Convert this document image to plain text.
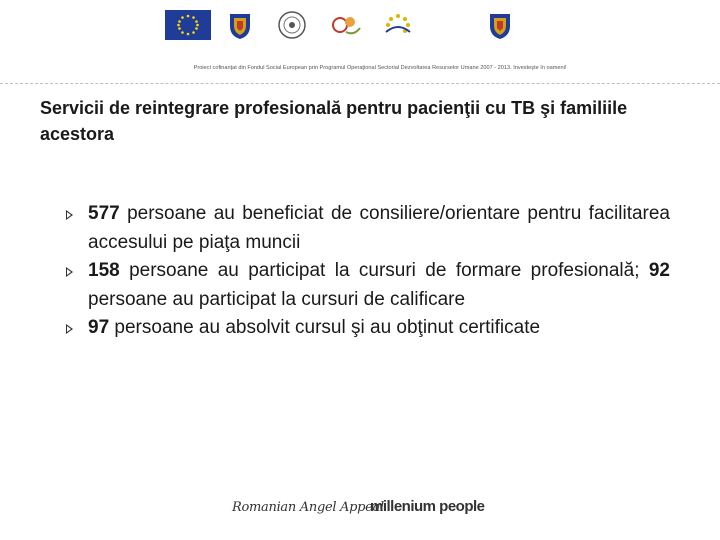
Proiect cofinanţat din Fondul Social European prin Programul Operaţional Sectorial Dezvoltarea Resurselor Umane 2007 - 2013. Investeşte în oameni!
Servicii de reintegrare profesională pentru pacienţii cu TB şi familiile acestora
577 persoane au beneficiat de consiliere/orientare pentru facilitarea accesului pe piaţa muncii
158 persoane au participat la cursuri de formare profesională; 92 persoane au participat la cursuri de calificare
97 persoane au absolvit cursul şi au obţinut certificate
Romanian Angel Appeal
millenium people
